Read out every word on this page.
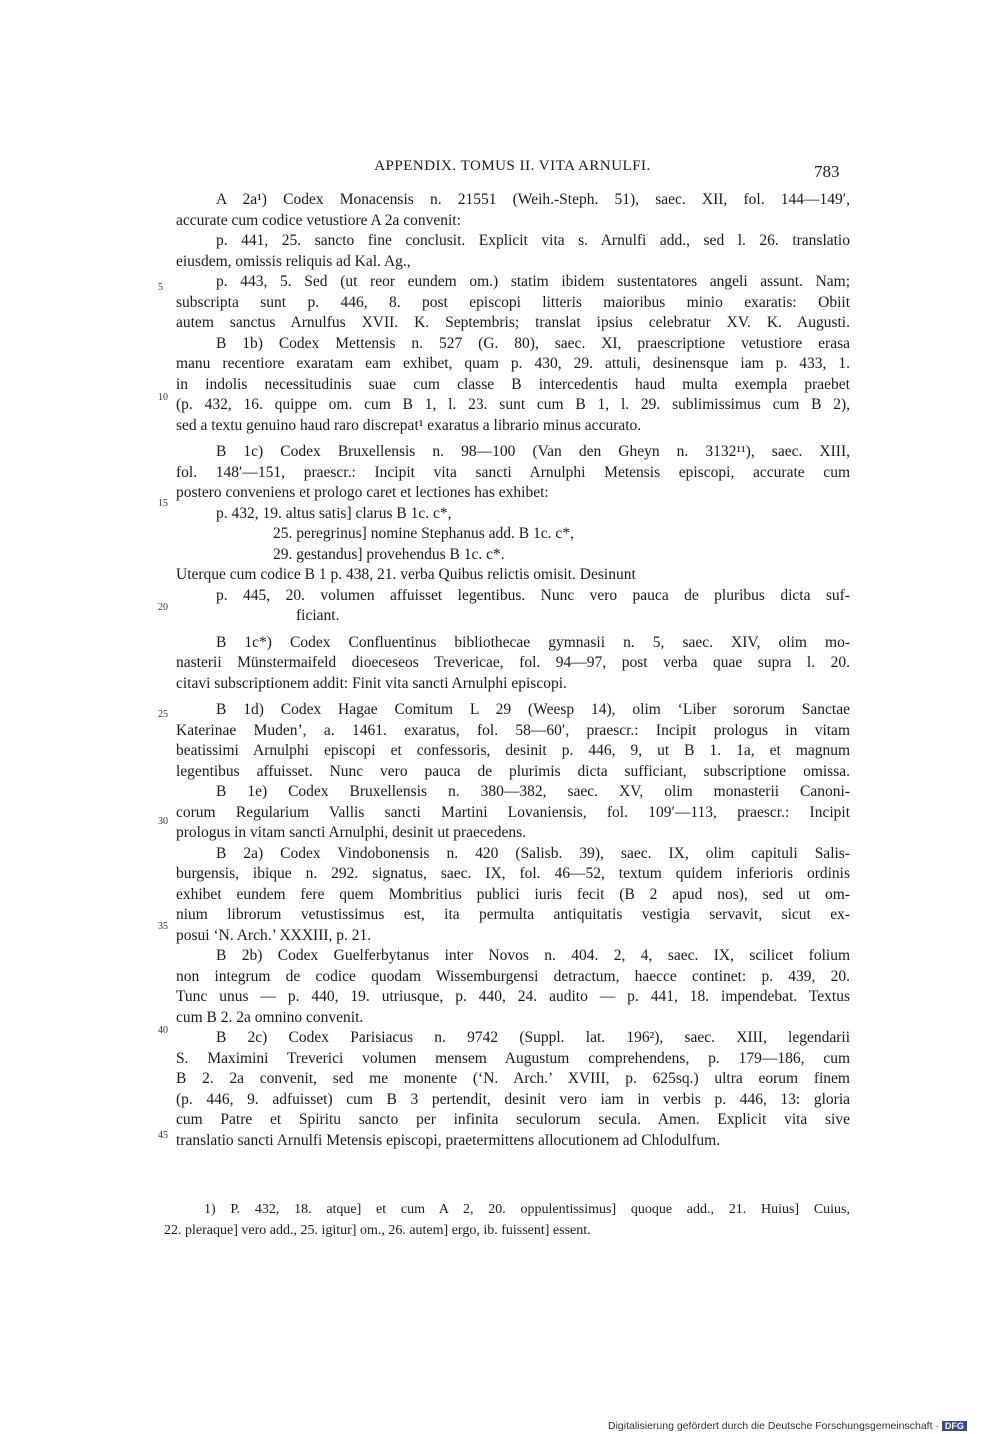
APPENDIX. TOMUS II. VITA ARNULFI.	783
A 2a¹) Codex Monacensis n. 21551 (Weih.-Steph. 51), saec. XII, fol. 144—149′,
accurate cum codice vetustiore A 2a convenit:
p. 441, 25. sancto fine conclusit. Explicit vita s. Arnulfi add., sed l. 26. translatio
eiusdem, omissis reliquis ad Kal. Ag.,
p. 443, 5. Sed (ut reor eundem om.) statim ibidem sustentatores angeli assunt. Nam;
subscripta sunt p. 446, 8. post episcopi litteris maioribus minio exaratis: Obiit
autem sanctus Arnulfus XVII. K. Septembris; translat ipsius celebratur XV. K. Augusti.
B 1b) Codex Mettensis n. 527 (G. 80), saec. XI, praescriptione vetustiore erasa
manu recentiore exaratam eam exhibet, quam p. 430, 29. attuli, desinensque iam p. 433, 1.
in indolis necessitudinis suae cum classe B intercedentis haud multa exempla praebet
(p. 432, 16. quippe om. cum B 1, l. 23. sunt cum B 1, l. 29. sublimissimus cum B 2),
sed a textu genuino haud raro discrepat¹ exaratus a librario minus accurato.
B 1c) Codex Bruxellensis n. 98—100 (Van den Gheyn n. 3132¹¹), saec. XIII,
fol. 148′—151, praescr.: Incipit vita sancti Arnulphi Metensis episcopi, accurate cum
postero conveniens et prologo caret et lectiones has exhibet:
p. 432, 19. altus satis] clarus B 1c. c*,
25. peregrinus] nomine Stephanus add. B 1c. c*,
29. gestandus] provehendus B 1c. c*.
Uterque cum codice B 1 p. 438, 21. verba Quibus relictis omisit. Desinunt
p. 445, 20. volumen affuisset legentibus. Nunc vero pauca de pluribus dicta suf-
ficiant.
B 1c*) Codex Confluentinus bibliothecae gymnasii n. 5, saec. XIV, olim mo-
nasterii Münstermaifeld dioeceseos Trevericae, fol. 94—97, post verba quae supra l. 20.
citavi subscriptionem addit: Finit vita sancti Arnulphi episcopi.
B 1d) Codex Hagae Comitum L 29 (Weesp 14), olim ‘Liber sororum Sanctae
Katerinae Muden’, a. 1461. exaratus, fol. 58—60′, praescr.: Incipit prologus in vitam
beatissimi Arnulphi episcopi et confessoris, desinit p. 446, 9, ut B 1. 1a, et magnum
legentibus affuisset. Nunc vero pauca de plurimis dicta sufficiant, subscriptione omissa.
B 1e) Codex Bruxellensis n. 380—382, saec. XV, olim monasterii Canoni-
corum Regularium Vallis sancti Martini Lovaniensis, fol. 109′—113, praescr.: Incipit
prologus in vitam sancti Arnulphi, desinit ut praecedens.
B 2a) Codex Vindobonensis n. 420 (Salisb. 39), saec. IX, olim capituli Salis-
burgensis, ibique n. 292. signatus, saec. IX, fol. 46—52, textum quidem inferioris ordinis
exhibet eundem fere quem Mombritius publici iuris fecit (B 2 apud nos), sed ut om-
nium librorum vetustissimus est, ita permulta antiquitatis vestigia servavit, sicut ex-
posui ‘N. Arch.’ XXXIII, p. 21.
B 2b) Codex Guelferbytanus inter Novos n. 404. 2, 4, saec. IX, scilicet folium
non integrum de codice quodam Wissemburgensi detractum, haecce continet: p. 439, 20.
Tunc unus — p. 440, 19. utriusque, p. 440, 24. audito — p. 441, 18. impendebat. Textus
cum B 2. 2a omnino convenit.
B 2c) Codex Parisiacus n. 9742 (Suppl. lat. 196²), saec. XIII, legendarii
S. Maximini Treverici volumen mensem Augustum comprehendens, p. 179—186, cum
B 2. 2a convenit, sed me monente (‘N. Arch.’ XVIII, p. 625sq.) ultra eorum finem
(p. 446, 9. adfuisset) cum B 3 pertendit, desinit vero iam in verbis p. 446, 13: gloria
cum Patre et Spiritu sancto per infinita seculorum secula. Amen. Explicit vita sive
translatio sancti Arnulfi Metensis episcopi, praetermittens allocutionem ad Chlodulfum.
5
10
15
20
25
30
35
40
45
1) P. 432, 18. atque] et cum A 2, 20. oppulentissimus] quoque add., 21. Huius] Cuius,
22. pleraque] vero add., 25. igitur] om., 26. autem] ergo, ib. fuissent] essent.
Digitalisierung gefördert durch die Deutsche Forschungsgemeinschaft · DFG
